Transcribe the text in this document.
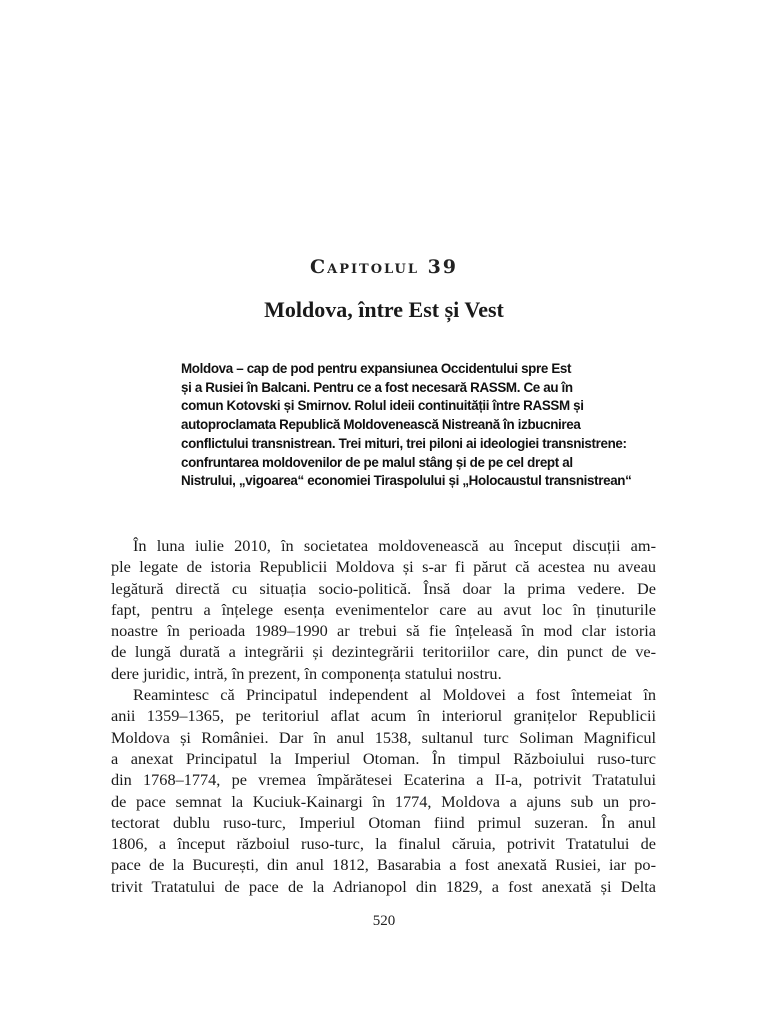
Capitolul 39
Moldova, între Est și Vest
Moldova – cap de pod pentru expansiunea Occidentului spre Est
și a Rusiei în Balcani. Pentru ce a fost necesară RASSM. Ce au în
comun Kotovski și Smirnov. Rolul ideii continuității între RASSM și
autoproclamata Republică Moldovenească Nistreană în izbucnirea
conflictului transnistrean. Trei mituri, trei piloni ai ideologiei transnistrene:
confruntarea moldovenilor de pe malul stâng și de pe cel drept al
Nistrului, „vigoarea“ economiei Tiraspolului și „Holocaustul transnistrean“
În luna iulie 2010, în societatea moldovenească au început discuții am-
ple legate de istoria Republicii Moldova și s-ar fi părut că acestea nu aveau
legătură directă cu situația socio-politică. Însă doar la prima vedere. De
fapt, pentru a înțelege esența evenimentelor care au avut loc în ținuturile
noastre în perioada 1989–1990 ar trebui să fie înțeleasă în mod clar istoria
de lungă durată a integrării și dezintegrării teritoriilor care, din punct de ve-
dere juridic, intră, în prezent, în componența statului nostru.
Reamintesc că Principatul independent al Moldovei a fost întemeiat în
anii 1359–1365, pe teritoriul aflat acum în interiorul granițelor Republicii
Moldova și României. Dar în anul 1538, sultanul turc Soliman Magnificul
a anexat Principatul la Imperiul Otoman. În timpul Războiului ruso-turc
din 1768–1774, pe vremea împărătesei Ecaterina a II-a, potrivit Tratatului
de pace semnat la Kuciuk-Kainargi în 1774, Moldova a ajuns sub un pro-
tectorat dublu ruso-turc, Imperiul Otoman fiind primul suzeran. În anul
1806, a început războiul ruso-turc, la finalul căruia, potrivit Tratatului de
pace de la București, din anul 1812, Basarabia a fost anexată Rusiei, iar po-
trivit Tratatului de pace de la Adrianopol din 1829, a fost anexată și Delta
520
